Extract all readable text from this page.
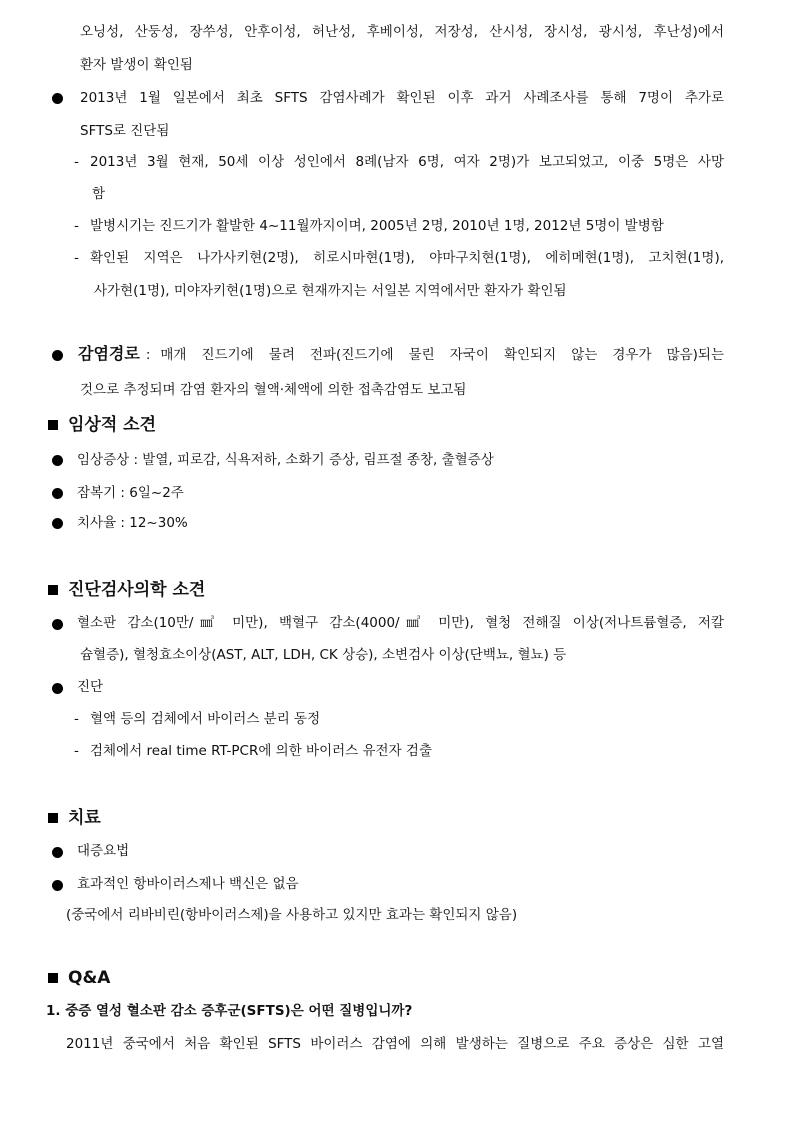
오닝성, 산둥성, 장쑤성, 안후이성, 허난성, 후베이성, 저장성, 산시성, 장시성, 광시성, 후난성)에서
환자 발생이 확인됨
2013년 1월 일본에서 최초 SFTS 감염사례가 확인된 이후 과거 사례조사를 통해 7명이 추가로
SFTS로 진단됨
- 2013년 3월 현재, 50세 이상 성인에서 8례(남자 6명, 여자 2명)가 보고되었고, 이중 5명은 사망
함
- 발병시기는 진드기가 활발한 4~11월까지이며, 2005년 2명, 2010년 1명, 2012년 5명이 발병함
- 확인된 지역은 나가사키현(2명), 히로시마현(1명), 야마구치현(1명), 에히메현(1명), 고치현(1명),
사가현(1명), 미야자키현(1명)으로 현재까지는 서일본 지역에서만 환자가 확인됨
감염경로 : 매개 진드기에 물려 전파(진드기에 물린 자국이 확인되지 않는 경우가 많음)되는
것으로 추정되며 감염 환자의 혈액·체액에 의한 접촉감염도 보고됨
임상적 소견
임상증상 : 발열, 피로감, 식욕저하, 소화기 증상, 림프절 종창, 출혈증상
잠복기 : 6일~2주
치사율 : 12~30%
진단검사의학 소견
혈소판 감소(10만/㎣ 미만), 백혈구 감소(4000/㎣ 미만), 혈청 전해질 이상(저나트륨혈증, 저칼
슘혈증), 혈청효소이상(AST, ALT, LDH, CK 상승), 소변검사 이상(단백뇨, 혈뇨) 등
진단
- 혈액 등의 검체에서 바이러스 분리 동정
- 검체에서 real time RT-PCR에 의한 바이러스 유전자 검출
치료
대증요법
효과적인 항바이러스제나 백신은 없음
(중국에서 리바비린(항바이러스제)을 사용하고 있지만 효과는 확인되지 않음)
Q&A
1. 중증 열성 혈소판 감소 증후군(SFTS)은 어떤 질병입니까?
2011년 중국에서 처음 확인된 SFTS 바이러스 감염에 의해 발생하는 질병으로 주요 증상은 심한 고열
